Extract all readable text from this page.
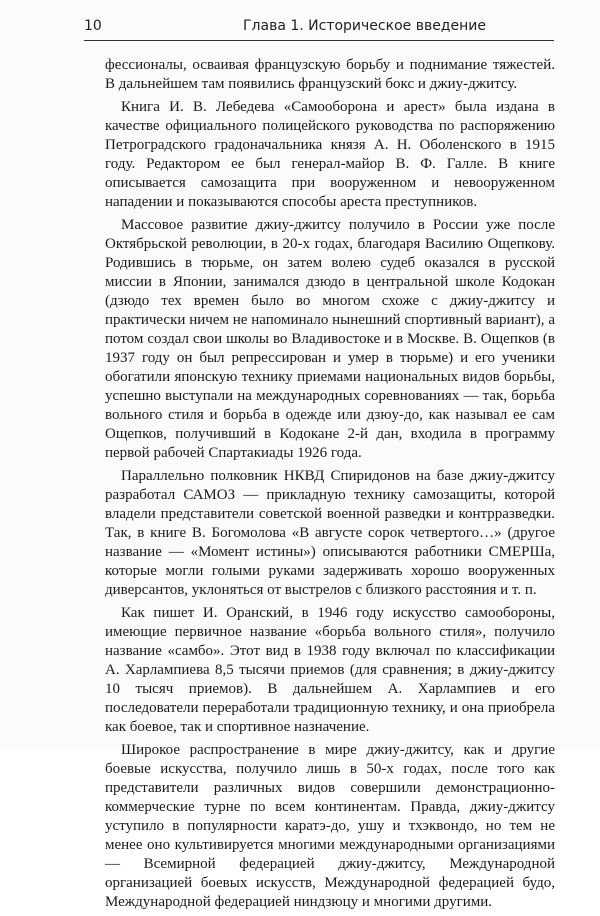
10	Глава 1. Историческое введение

фессионалы, осваивая французскую борьбу и поднимание тяжестей. В дальнейшем там появились французский бокс и джиу-джитсу.

Книга И. В. Лебедева «Самооборона и арест» была издана в качестве официального полицейского руководства по распоряжению Петроградского градоначальника князя А. Н. Оболенского в 1915 году. Редактором ее был генерал-майор В. Ф. Галле. В книге описывается самозащита при вооруженном и невооруженном нападении и показываются способы ареста преступников.

Массовое развитие джиу-джитсу получило в России уже после Октябрьской революции, в 20-х годах, благодаря Василию Ощепкову. Родившись в тюрьме, он затем волею судеб оказался в русской миссии в Японии, занимался дзюдо в центральной школе Кодокан (дзюдо тех времен было во многом схоже с джиу-джитсу и практически ничем не напоминало нынешний спортивный вариант), а потом создал свои школы во Владивостоке и в Москве. В. Ощепков (в 1937 году он был репрессирован и умер в тюрьме) и его ученики обогатили японскую технику приемами национальных видов борьбы, успешно выступали на международных соревнованиях — так, борьба вольного стиля и борьба в одежде или дзюу-до, как называл ее сам Ощепков, получивший в Кодокане 2-й дан, входила в программу первой рабочей Спартакиады 1926 года.

Параллельно полковник НКВД Спиридонов на базе джиу-джитсу разработал САМОЗ — прикладную технику самозащиты, которой владели представители советской военной разведки и контрразведки. Так, в книге В. Богомолова «В августе сорок четвертого…» (другое название — «Момент истины») описываются работники СМЕРШа, которые могли голыми руками задерживать хорошо вооруженных диверсантов, уклоняться от выстрелов с близкого расстояния и т. п.

Как пишет И. Оранский, в 1946 году искусство самообороны, имеющие первичное название «борьба вольного стиля», получило название «самбо». Этот вид в 1938 году включал по классификации А. Харлампиева 8,5 тысячи приемов (для сравнения; в джиу-джитсу 10 тысяч приемов). В дальнейшем А. Харлампиев и его последователи переработали традиционную технику, и она приобрела как боевое, так и спортивное назначение.

Широкое распространение в мире джиу-джитсу, как и другие боевые искусства, получило лишь в 50-х годах, после того как представители различных видов совершили демонстрационно-коммерческие турне по всем континентам. Правда, джиу-джитсу уступило в популярности каратэ-до, ушу и тхэквондо, но тем не менее оно культивируется многими международными организациями — Всемирной федерацией джиу-джитсу, Международной организацией боевых искусств, Международной федерацией будо, Международной федерацией ниндзюцу и многими другими.
